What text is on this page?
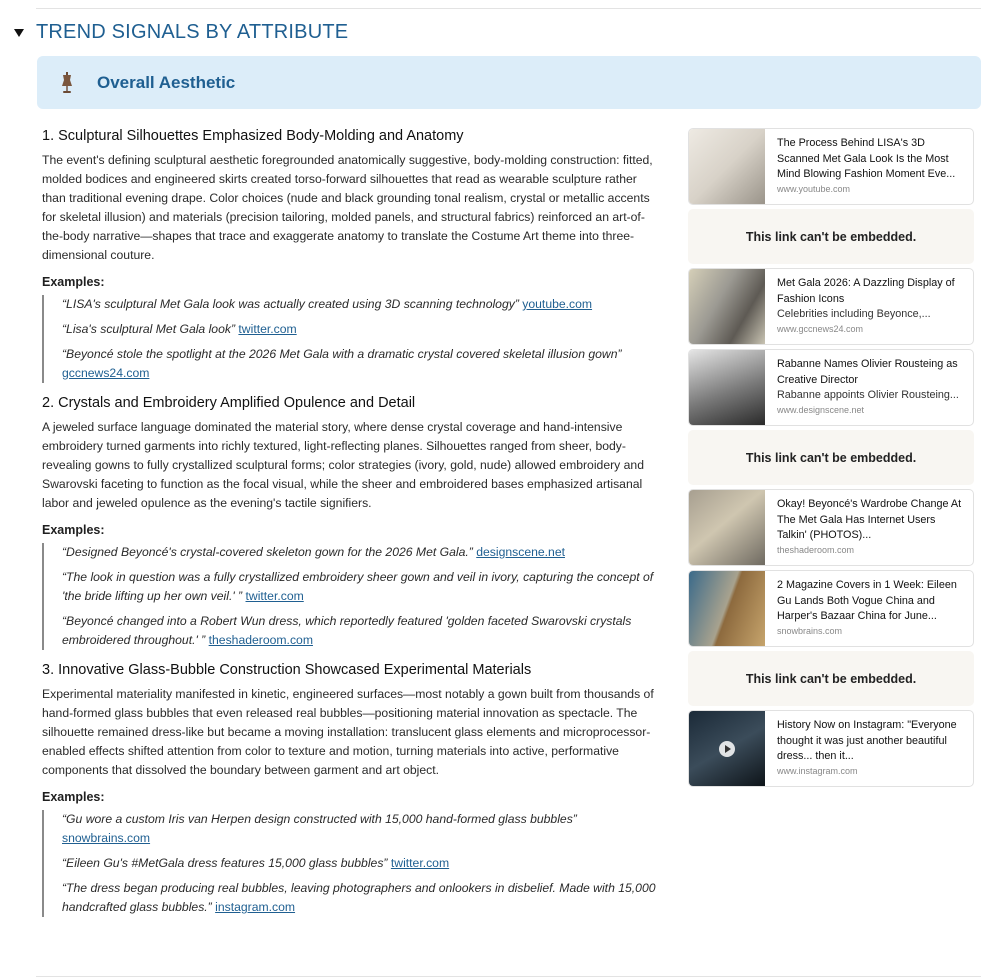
TREND SIGNALS BY ATTRIBUTE
Overall Aesthetic
1. Sculptural Silhouettes Emphasized Body-Molding and Anatomy

The event's defining sculptural aesthetic foregrounded anatomically suggestive, body-molding construction: fitted, molded bodices and engineered skirts created torso-forward silhouettes that read as wearable sculpture rather than traditional evening drape. Color choices (nude and black grounding tonal realism, crystal or metallic accents for skeletal illusion) and materials (precision tailoring, molded panels, and structural fabrics) reinforced an art-of-the-body narrative—shapes that trace and exaggerate anatomy to translate the Costume Art theme into three-dimensional couture.

Examples:
“LISA's sculptural Met Gala look was actually created using 3D scanning technology” youtube.com
“Lisa's sculptural Met Gala look” twitter.com
“Beyoncé stole the spotlight at the 2026 Met Gala with a dramatic crystal covered skeletal illusion gown” gccnews24.com
2. Crystals and Embroidery Amplified Opulence and Detail

A jeweled surface language dominated the material story, where dense crystal coverage and hand-intensive embroidery turned garments into richly textured, light-reflecting planes. Silhouettes ranged from sheer, body-revealing gowns to fully crystallized sculptural forms; color strategies (ivory, gold, nude) allowed embroidery and Swarovski faceting to function as the focal visual, while the sheer and embroidered bases emphasized artisanal labor and jeweled opulence as the evening's tactile signifiers.

Examples:
“Designed Beyoncé's crystal-covered skeleton gown for the 2026 Met Gala.” designscene.net
“The look in question was a fully crystallized embroidery sheer gown and veil in ivory, capturing the concept of 'the bride lifting up her own veil.' ” twitter.com
“Beyoncé changed into a Robert Wun dress, which reportedly featured 'golden faceted Swarovski crystals embroidered throughout.' ” theshaderoom.com
3. Innovative Glass-Bubble Construction Showcased Experimental Materials

Experimental materiality manifested in kinetic, engineered surfaces—most notably a gown built from thousands of hand-formed glass bubbles that even released real bubbles—positioning material innovation as spectacle. The silhouette remained dress-like but became a moving installation: translucent glass elements and microprocessor-enabled effects shifted attention from color to texture and motion, turning materials into active, performative components that dissolved the boundary between garment and art object.

Examples:
“Gu wore a custom Iris van Herpen design constructed with 15,000 hand-formed glass bubbles” snowbrains.com
“Eileen Gu's #MetGala dress features 15,000 glass bubbles” twitter.com
“The dress began producing real bubbles, leaving photographers and onlookers in disbelief. Made with 15,000 handcrafted glass bubbles.” instagram.com
The Process Behind LISA's 3D Scanned Met Gala Look Is the Most Mind Blowing Fashion Moment Eve...
www.youtube.com
This link can't be embedded.
Met Gala 2026: A Dazzling Display of Fashion Icons
Celebrities including Beyonce,...
www.gccnews24.com
Rabanne Names Olivier Rousteing as Creative Director
Rabanne appoints Olivier Rousteing...
www.designscene.net
This link can't be embedded.
Okay! Beyoncé's Wardrobe Change At The Met Gala Has Internet Users Talkin' (PHOTOS)...
theshaderoom.com
2 Magazine Covers in 1 Week: Eileen Gu Lands Both Vogue China and Harper's Bazaar China for June...
snowbrains.com
This link can't be embedded.
History Now on Instagram: "Everyone thought it was just another beautiful dress... then it...
www.instagram.com
